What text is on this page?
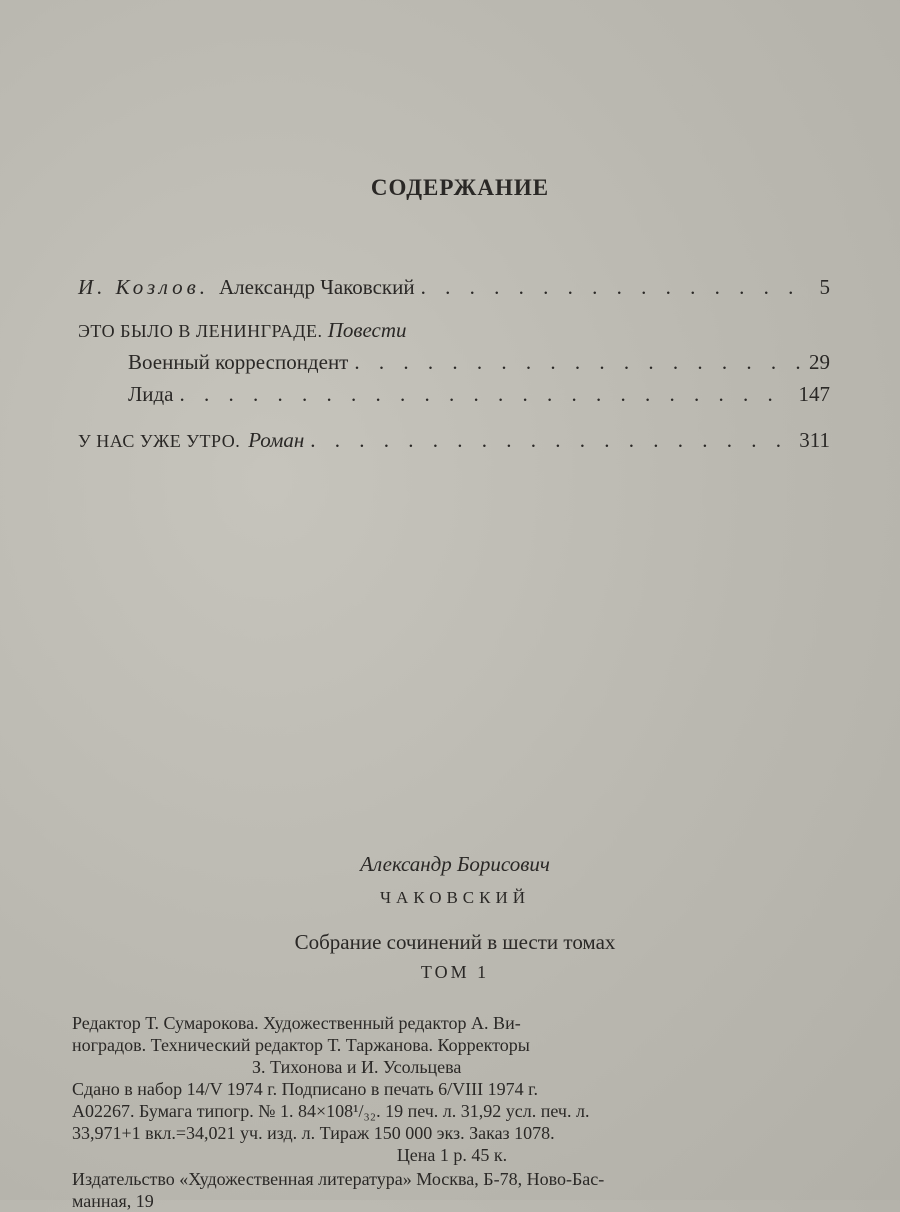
СОДЕРЖАНИЕ
И. Козлов. Александр Чаковский . . .	5
ЭТО БЫЛО В ЛЕНИНГРАДЕ. Повести
Военный корреспондент . . .	29
Лида . . .	147
У НАС УЖЕ УТРО. Роман . . .	311
Александр Борисович
ЧАКОВСКИЙ
Собрание сочинений в шести томах
ТОМ 1

Редактор Т. Сумарокова. Художественный редактор А. Ви-

ноградов. Технический редактор Т. Таржанова. Корректоры

З. Тихонова и И. Усольцева

Сдано в набор 14/V 1974 г. Подписано в печать 6/VIII 1974 г.

А02267. Бумага типогр. № 1. 84×108¹/₃₂. 19 печ. л. 31,92 усл. печ. л.

33,971+1 вкл.=34,021 уч. изд. л. Тираж 150 000 экз. Заказ 1078.

Цена 1 р. 45 к.

Издательство «Художественная литература» Москва, Б-78, Ново-Бас-

манная, 19
